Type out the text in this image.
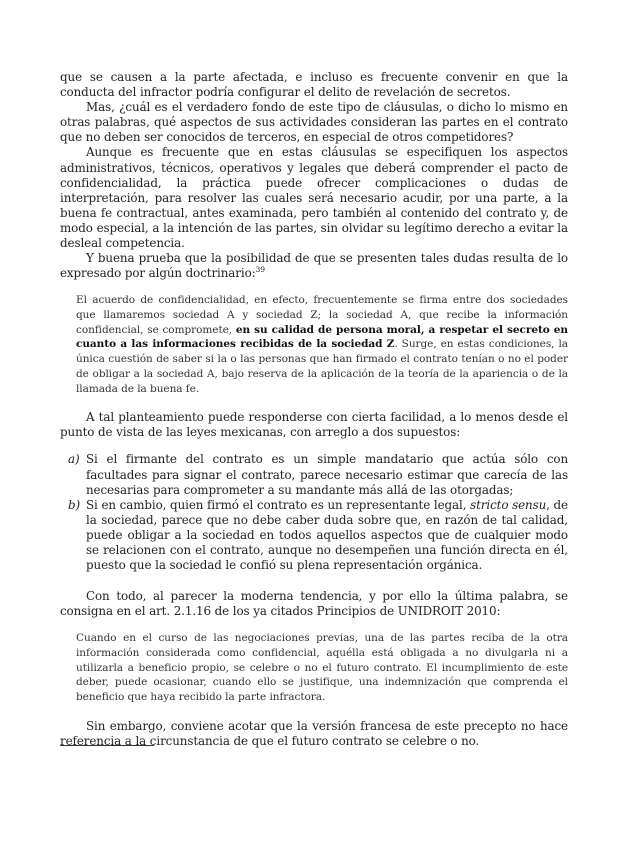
que se causen a la parte afectada, e incluso es frecuente convenir en que la conducta del infractor podría configurar el delito de revelación de secretos.

Mas, ¿cuál es el verdadero fondo de este tipo de cláusulas, o dicho lo mismo en otras palabras, qué aspectos de sus actividades consideran las partes en el contrato que no deben ser conocidos de terceros, en especial de otros competidores?

Aunque es frecuente que en estas cláusulas se especifiquen los aspectos administrativos, técnicos, operativos y legales que deberá comprender el pacto de confidencialidad, la práctica puede ofrecer complicaciones o dudas de interpretación, para resolver las cuales será necesario acudir, por una parte, a la buena fe contractual, antes examinada, pero también al contenido del contrato y, de modo especial, a la intención de las partes, sin olvidar su legítimo derecho a evitar la desleal competencia.

Y buena prueba que la posibilidad de que se presenten tales dudas resulta de lo expresado por algún doctrinario:$^{39}$

El acuerdo de confidencialidad, en efecto, frecuentemente se firma entre dos sociedades que llamaremos sociedad A y sociedad Z; la sociedad A, que recibe la información confidencial, se compromete, en su calidad de persona moral, a respetar el secreto en cuanto a las informaciones recibidas de la sociedad Z. Surge, en estas condiciones, la única cuestión de saber si la o las personas que han firmado el contrato tenían o no el poder de obligar a la sociedad A, bajo reserva de la aplicación de la teoría de la apariencia o de la llamada de la buena fe.

A tal planteamiento puede responderse con cierta facilidad, a lo menos desde el punto de vista de las leyes mexicanas, con arreglo a dos supuestos:

a) Si el firmante del contrato es un simple mandatario que actúa sólo con facultades para signar el contrato, parece necesario estimar que carecía de las necesarias para comprometer a su mandante más allá de las otorgadas;
b) Si en cambio, quien firmó el contrato es un representante legal, stricto sensu, de la sociedad, parece que no debe caber duda sobre que, en razón de tal calidad, puede obligar a la sociedad en todos aquellos aspectos que de cualquier modo se relacionen con el contrato, aunque no desempeñen una función directa en él, puesto que la sociedad le confió su plena representación orgánica.

Con todo, al parecer la moderna tendencia, y por ello la última palabra, se consigna en el art. 2.1.16 de los ya citados Principios de UNIDROIT 2010:

Cuando en el curso de las negociaciones previas, una de las partes reciba de la otra información considerada como confidencial, aquélla está obligada a no divulgarla ni a utilizarla a beneficio propio, se celebre o no el futuro contrato. El incumplimiento de este deber, puede ocasionar, cuando ello se justifique, una indemnización que comprenda el beneficio que haya recibido la parte infractora.

Sin embargo, conviene acotar que la versión francesa de este precepto no hace referencia a la circunstancia de que el futuro contrato se celebre o no.
